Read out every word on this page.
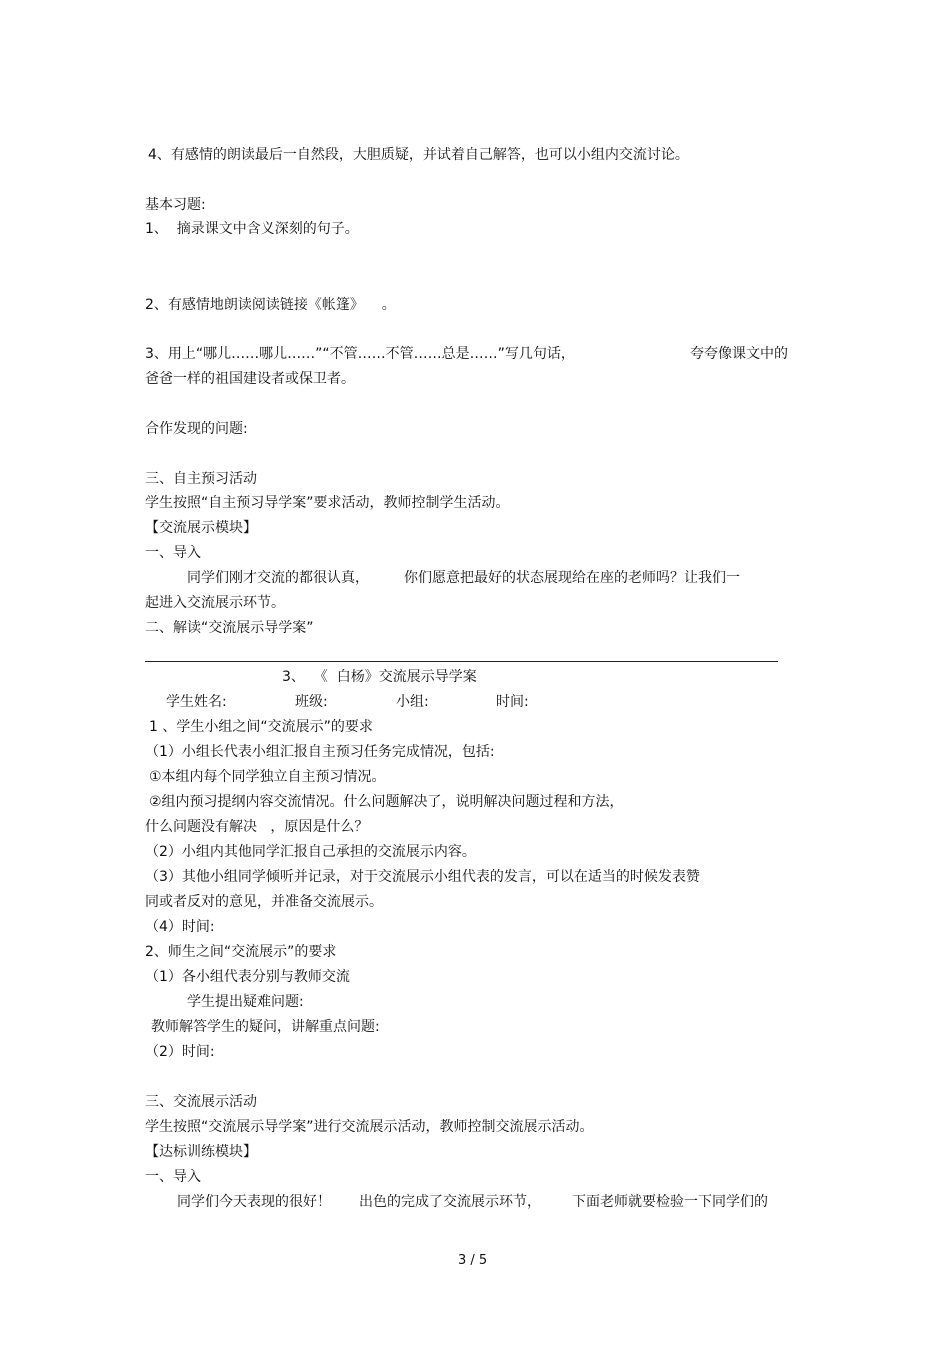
4、有感情的朗读最后一自然段，大胆质疑，并试着自己解答，也可以小组内交流讨论。
基本习题:
1、  摘录课文中含义深刻的句子。
2、有感情地朗读阅读链接《帐篷》    。
3、用上“哪儿……哪儿……”“不管……不管……总是……”写几句话，	夸夸像课文中的
爸爸一样的祖国建设者或保卫者。
合作发现的问题:
三、自主预习活动
学生按照“自主预习导学案”要求活动，教师控制学生活动。
【交流展示模块】
一、导入
同学们刚才交流的都很认真，	你们愿意把最好的状态展现给在座的老师吗？让我们一
起进入交流展示环节。
二、解读“交流展示导学案”
3、  《  白杨》交流展示导学案
学生姓名:	班级:	小组:	时间:
1 、学生小组之间“交流展示”的要求
（1）小组长代表小组汇报自主预习任务完成情况，包括:
①本组内每个同学独立自主预习情况。
②组内预习提纲内容交流情况。什么问题解决了，说明解决问题过程和方法，
什么问题没有解决   ，原因是什么？
（2）小组内其他同学汇报自己承担的交流展示内容。
（3）其他小组同学倾听并记录，对于交流展示小组代表的发言，可以在适当的时候发表赞
同或者反对的意见，并准备交流展示。
（4）时间:
2、师生之间“交流展示”的要求
（1）各小组代表分别与教师交流
学生提出疑难问题:
教师解答学生的疑问，讲解重点问题:
（2）时间:
三、交流展示活动
学生按照“交流展示导学案”进行交流展示活动，教师控制交流展示活动。
【达标训练模块】
一、导入
同学们今天表现的很好！ 出色的完成了交流展示环节， 下面老师就要检验一下同学们的
3 / 5
